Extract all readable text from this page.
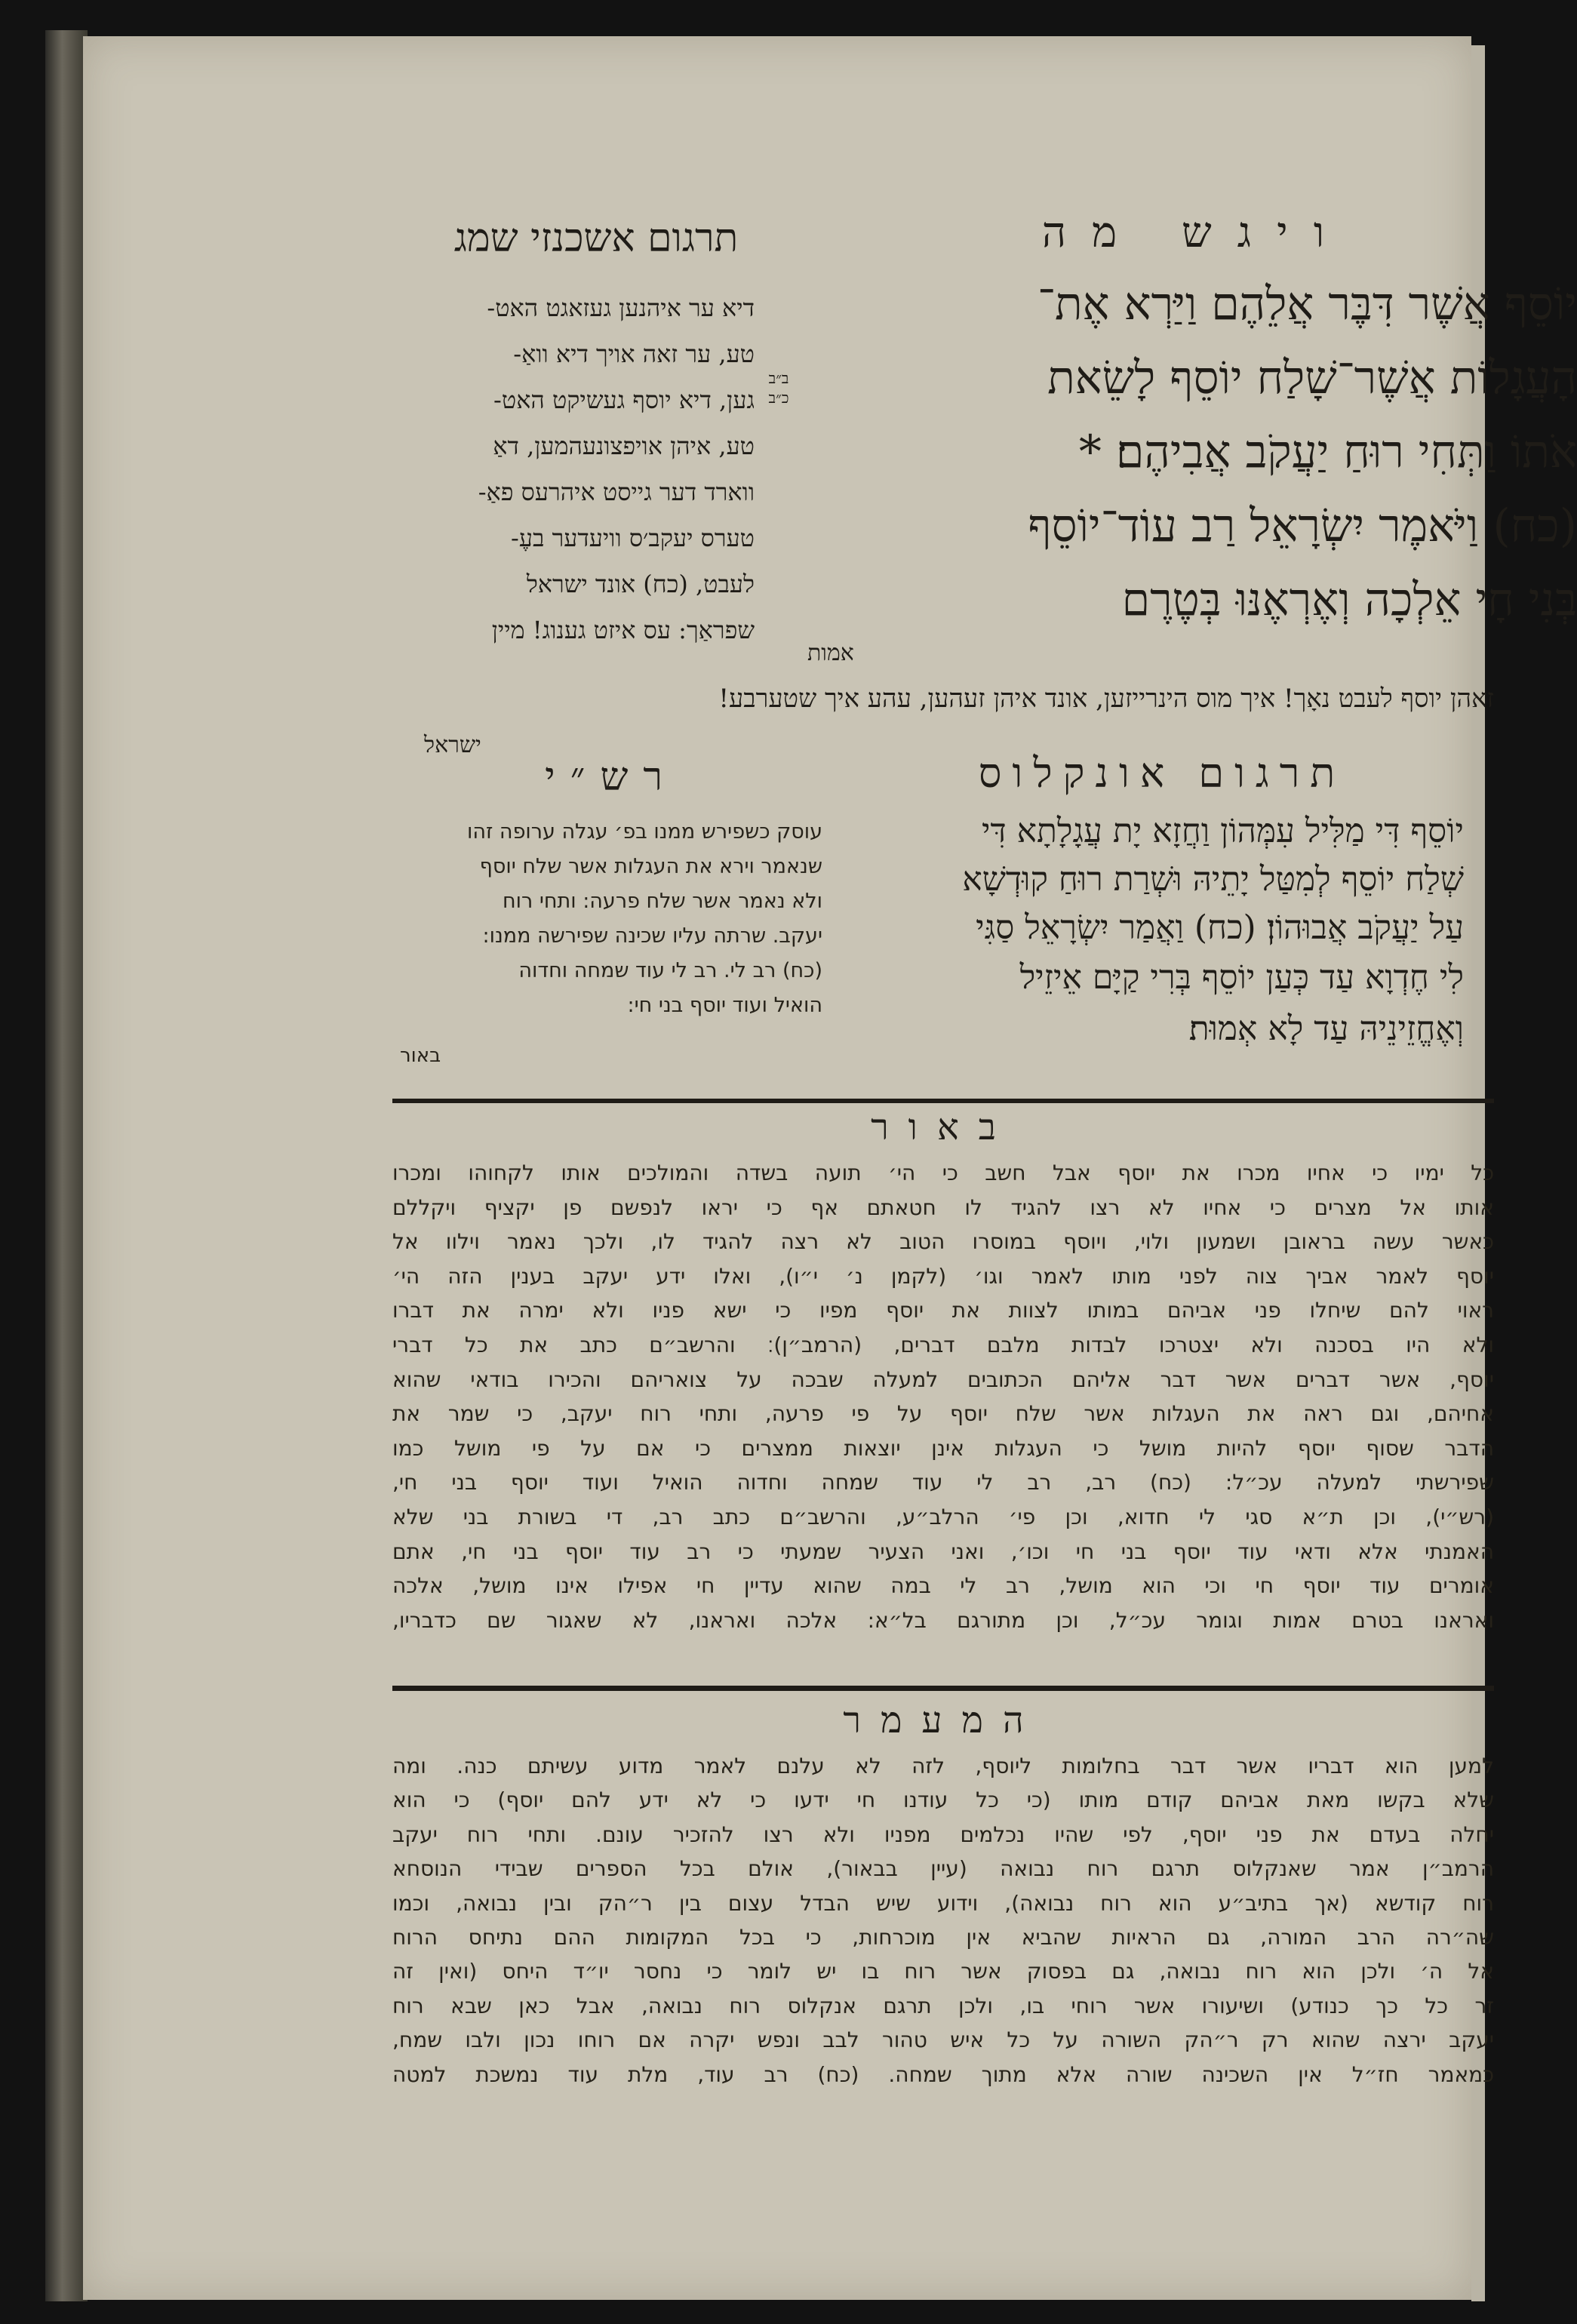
ויגש מה

תרגום אשכנזי שמג

יוֹסֵף אֲשֶׁר דִּבֶּר אֲלֵהֶם וַיַּרְא אֶת־

הָעֲגָלוֹת אֲשֶׁר־שָׁלַח יוֹסֵף לָשֵׂאת

אֹתוֹ וַתְּחִי רוּחַ יַעֲקֹב אֲבִיהֶם׃ *

(כח) וַיֹּאמֶר יִשְׂרָאֵל רַב עוֹד־יוֹסֵף

בְּנִי חָי אֵלְכָה וְאֶרְאֶנּוּ בְּטֶרֶם

אמות

ב״ב כ״ב

דיא ער איהנען געזאגט האט-
טע, ער זאה אויך דיא וואַ-
גען, דיא יוסף געשיקט האט-
טע, איהן אויפצונעהמען, דאַ
ווארד דער גייסט איהרעס פאַ-
טערס יעקב׳ס וויעדער בעֶ-
לעבט, (כח) אונד ישראל
שפראַך: עס איזט גענוג! מיין

זאהן יוסף לעבט נאָך! איך מוס הינרייזען, אונד איהן זעהען, עהע איך שטערבע!

ישראל

תרגום אונקלוס

יוֹסֵף דִּי מַלִּיל עִמְּהוֹן וַחֲזָא יָת עֲגָלָתָא דִּי

שְׁלַח יוֹסֵף לְמִטַּל יָתֵיהּ וּשְׁרַת רוּחַ קוּדְשָׁא

עַל יַעֲקֹב אֲבוּהוֹן׃ (כח) וַאֲמַר יִשְׂרָאֵל סַגִּי

לִי חֶדְוָא עַד כְּעַן יוֹסֵף בְּרִי קַיָּם אֵיזֵיל

וְאֶחֱזֵינֵיהּ עַד לָא אְמוּת׃

רש״י

עוסק כשפירש ממנו בפ׳ עגלה ערופה זהו
שנאמר וירא את העגלות אשר שלח יוסף
ולא נאמר אשר שלח פרעה: ותחי רוח
יעקב. שרתה עליו שכינה שפירשה ממנו:
(כח) רב לי. רב לי עוד שמחה וחדוה
הואיל ועוד יוסף בני חי:

באור

באור

כל ימיו כי אחיו מכרו את יוסף אבל חשב כי הי׳ תועה בשדה והמולכים אותו לקחוהו ומכרו
אותו אל מצרים כי אחיו לא רצו להגיד לו חטאתם אף כי יראו לנפשם פן יקציף ויקללם
כאשר עשה בראובן ושמעון ולוי, ויוסף במוסרו הטוב לא רצה להגיד לו, ולכך נאמר וילוו אל
יוסף לאמר אביך צוה לפני מותו לאמר וגו׳ (לקמן נ׳ י״ו), ואלו ידע יעקב בענין הזה הי׳
ראוי להם שיחלו פני אביהם במותו לצוות את יוסף מפיו כי ישא פניו ולא ימרה את דברו
ולא היו בסכנה ולא יצטרכו לבדות מלבם דברים, (הרמב״ן)׃ והרשב״ם כתב את כל דברי
יוסף, אשר דברים אשר דבר אליהם הכתובים למעלה שבכה על צואריהם והכירו בודאי שהוא
אחיהם, וגם ראה את העגלות אשר שלח יוסף על פי פרעה, ותחי רוח יעקב, כי שמר את
הדבר שסוף יוסף להיות מושל כי העגלות אינן יוצאות ממצרים כי אם על פי מושל כמו
שפירשתי למעלה עכ״ל: (כח) רב, רב לי עוד שמחה וחדוה הואיל ועוד יוסף בני חי,
(רש״י), וכן ת״א סגי לי חדוא, וכן פי׳ הרלב״ע, והרשב״ם כתב רב, די בשורת בני שלא
האמנתי אלא ודאי עוד יוסף בני חי וכו׳, ואני הצעיר שמעתי כי רב עוד יוסף בני חי, אתם
אומרים עוד יוסף חי וכי הוא מושל, רב לי במה שהוא עדיין חי אפילו אינו מושל, אלכה
ואראנו בטרם אמות וגומר עכ״ל, וכן מתורגם בל״א: אלכה ואראנו, לא שאגור שם כדבריו,

המעמר

למען הוא דבריו אשר דבר בחלומות ליוסף, לזה לא עלנם לאמר מדוע עשיתם כנה. ומה
שלא בקשו מאת אביהם קודם מותו (כי כל עודנו חי ידעו כי לא ידע להם יוסף) כי הוא
יחלה בעדם את פני יוסף, לפי שהיו נכלמים מפניו ולא רצו להזכיר עונם. ותחי רוח יעקב
הרמב״ן אמר שאנקלוס תרגם רוח נבואה (עיין בבאור), אולם בכל הספרים שבידי הנוסחא
רוח קודשא (אך בתיב״ע הוא רוח נבואה), וידוע שיש הבדל עצום בין ר״הק ובין נבואה, וכמו
שה״רה הרב המורה, גם הראיות שהביא אין מוכרחות, כי בכל המקומות ההם נתיחס הרוח
אל ה׳ ולכן הוא רוח נבואה, גם בפסוק אשר רוח בו יש לומר כי נחסר יו״ד היחס (ואין זה
זר כל כך כנודע) ושיעורו אשר רוחי בו, ולכן תרגם אנקלוס רוח נבואה, אבל כאן שבא רוח
יעקב ירצה שהוא רק ר״הק השורה על כל איש טהור לבב ונפש יקרה אם רוחו נכון ולבו שמח,
כמאמר חז״ל אין השכינה שורה אלא מתוך שמחה. (כח) רב עוד, מלת עוד נמשכת למטה
